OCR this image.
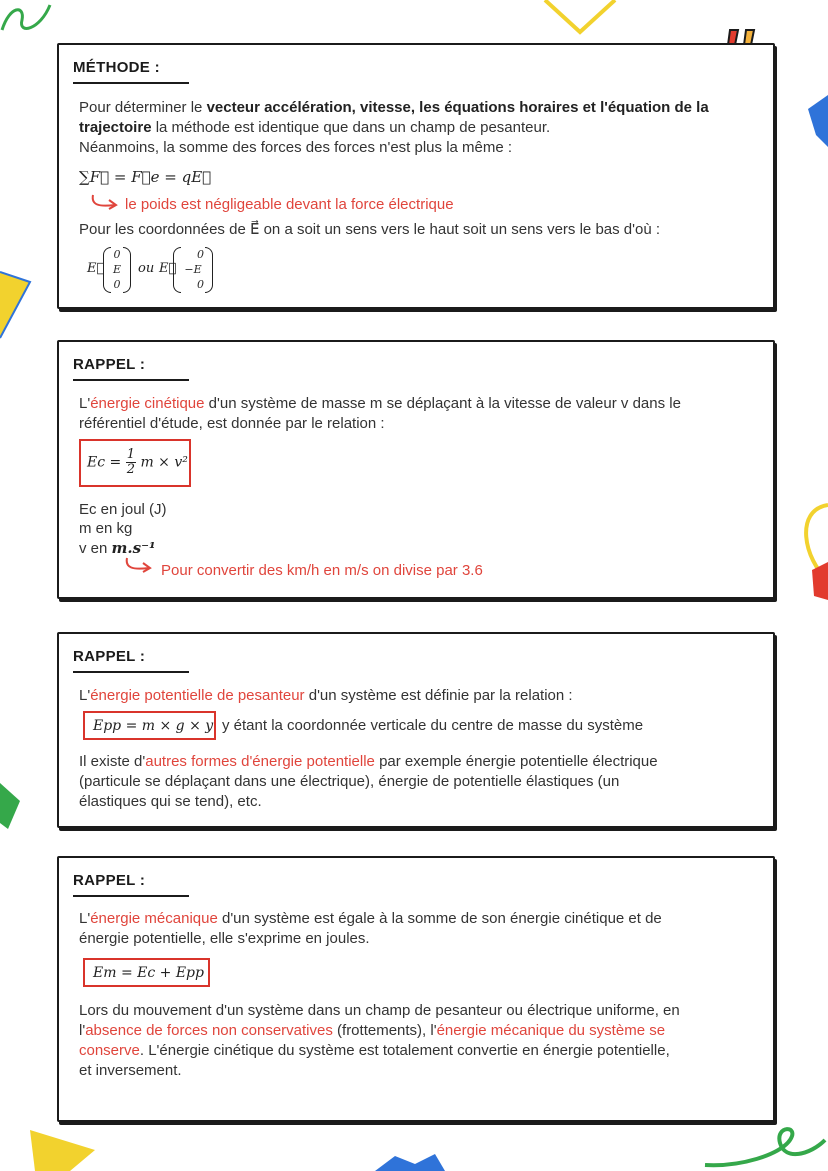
MÉTHODE :
Pour déterminer le vecteur accélération, vitesse, les équations horaires et l'équation de la
trajectoire la méthode est identique que dans un champ de pesanteur.
Néanmoins, la somme des forces des forces n'est plus la même :
∑F⃗ = F⃗e = qE⃗
le poids est négligeable devant la force électrique
Pour les coordonnées de E⃗ on a soit un sens vers le haut soit un sens vers le bas d'où :
E⃗
0
E
0
ou E⃗
0
−E
0
RAPPEL :
L'énergie cinétique d'un système de masse m se déplaçant à la vitesse de valeur v dans le
référentiel d'étude, est donnée par le relation :
$Ec = \frac{1}{2}$ m × v²
Ec en joul (J)
m en kg
v en m.s⁻¹
Pour convertir des km/h en m/s on divise par 3.6
RAPPEL :
L'énergie potentielle de pesanteur d'un système est définie par la relation :
Epp = m × g × y y étant la coordonnée verticale du centre de masse du système
Il existe d'autres formes d'énergie potentielle par exemple énergie potentielle électrique
(particule se déplaçant dans une électrique), énergie de potentielle élastiques (un
élastiques qui se tend), etc.
RAPPEL :
L'énergie mécanique d'un système est égale à la somme de son énergie cinétique et de
énergie potentielle, elle s'exprime en joules.
Em = Ec + Epp
Lors du mouvement d'un système dans un champ de pesanteur ou électrique uniforme, en
l'absence de forces non conservatives (frottements), l'énergie mécanique du système se
conserve. L'énergie cinétique du système est totalement convertie en énergie potentielle,
et inversement.
